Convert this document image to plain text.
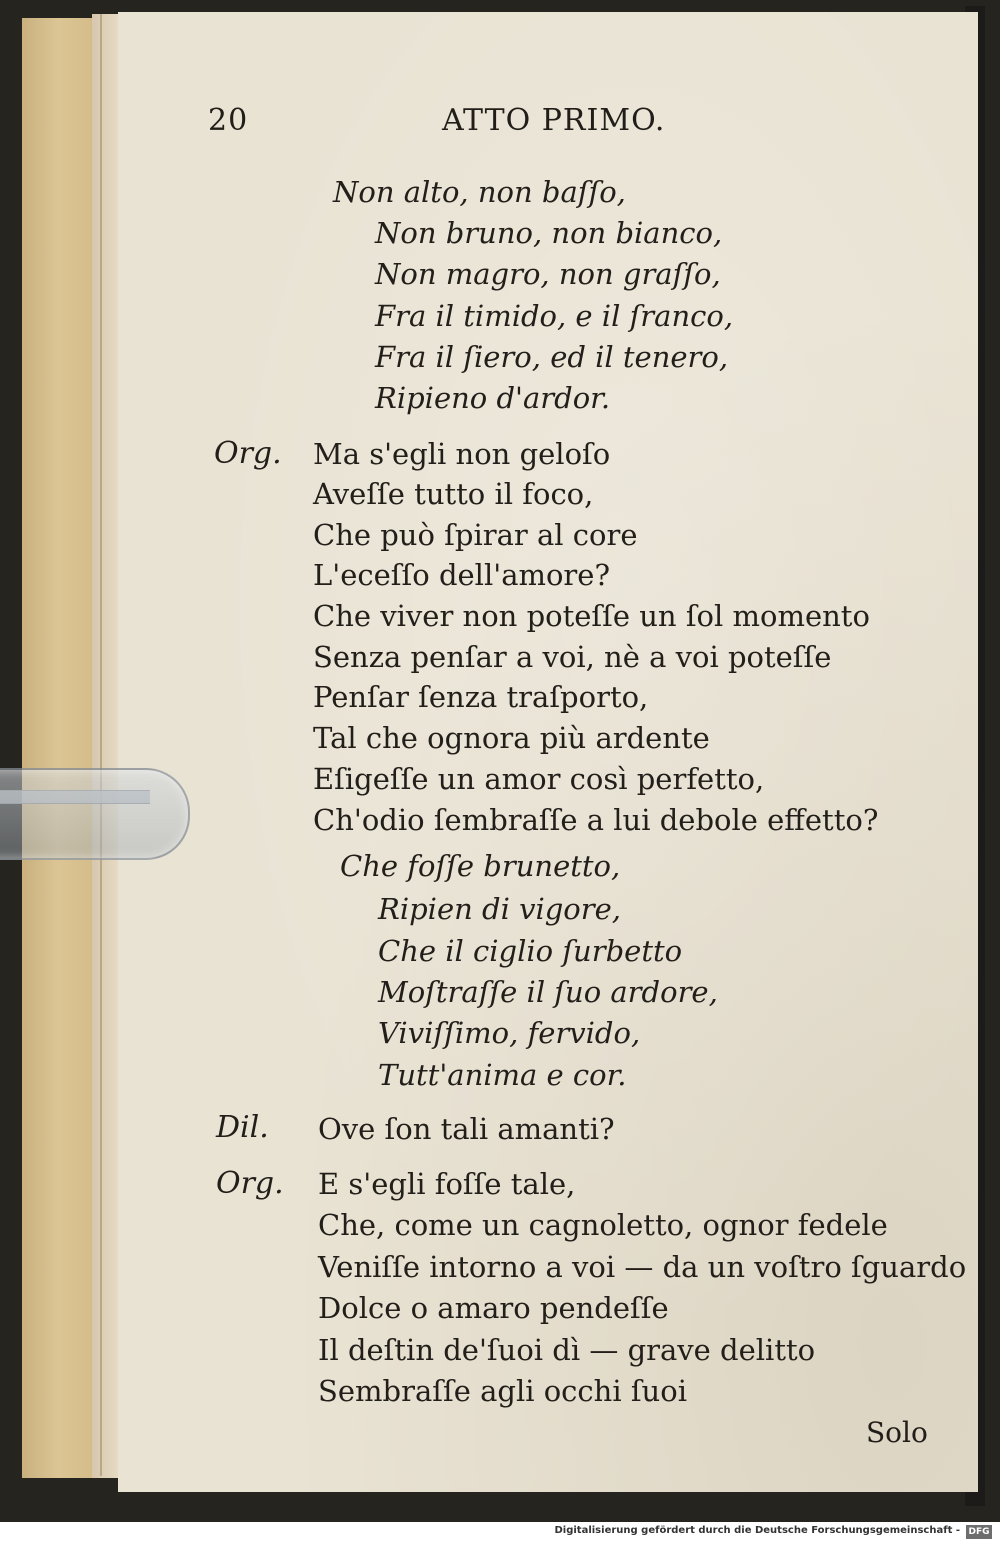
20	ATTO PRIMO.
Non alto, non baſſo,
Non bruno, non bianco,
Non magro, non graſſo,
Fra il timido, e il ſranco,
Fra il ſiero, ed il tenero,
Ripieno d'ardor.
Org. Ma s'egli non geloſo
Aveſſe tutto il foco,
Che può ſpirar al core
L'eceſſo dell'amore?
Che viver non poteſſe un ſol momento
Senza penſar a voi, nè a voi poteſſe
Penſar ſenza traſporto,
Tal che ognora più ardente
Eſigeſſe un amor così perfetto,
Ch'odio ſembraſſe a lui debole effetto?
Che foſſe brunetto,
Ripien di vigore,
Che il ciglio ſurbetto
Moſtraſſe il ſuo ardore,
Viviſſimo, fervido,
Tutt'anima e cor.
Dil. Ove ſon tali amanti?
Org. E s'egli foſſe tale,
Che, come un cagnoletto, ognor fedele
Veniſſe intorno a voi — da un voſtro ſguardo
Dolce o amaro pendeſſe
Il deſtin de'ſuoi dì — grave delitto
Sembraſſe agli occhi ſuoi
Solo
Digitalisierung gefördert durch die Deutsche Forschungsgemeinschaft - DFG
